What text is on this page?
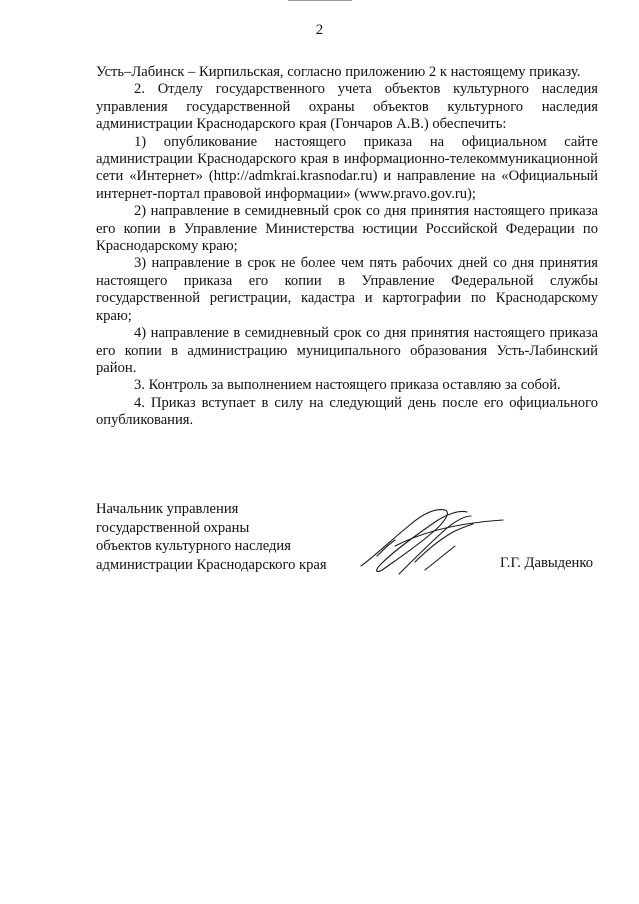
2

Усть–Лабинск – Кирпильская, согласно приложению 2 к настоящему приказу.

2. Отделу государственного учета объектов культурного наследия управления государственной охраны объектов культурного наследия администрации Краснодарского края (Гончаров А.В.) обеспечить:

1) опубликование настоящего приказа на официальном сайте администрации Краснодарского края в информационно-телекоммуникационной сети «Интернет» (http://admkrai.krasnodar.ru) и направление на «Официальный интернет-портал правовой информации» (www.pravo.gov.ru);

2) направление в семидневный срок со дня принятия настоящего приказа его копии в Управление Министерства юстиции Российской Федерации по Краснодарскому краю;

3) направление в срок не более чем пять рабочих дней со дня принятия настоящего приказа его копии в Управление Федеральной службы государственной регистрации, кадастра и картографии по Краснодарскому краю;

4) направление в семидневный срок со дня принятия настоящего приказа его копии в администрацию муниципального образования Усть-Лабинский район.

3. Контроль за выполнением настоящего приказа оставляю за собой.

4. Приказ вступает в силу на следующий день после его официального опубликования.

Начальник управления
государственной охраны
объектов культурного наследия
администрации Краснодарского края	Г.Г. Давыденко
